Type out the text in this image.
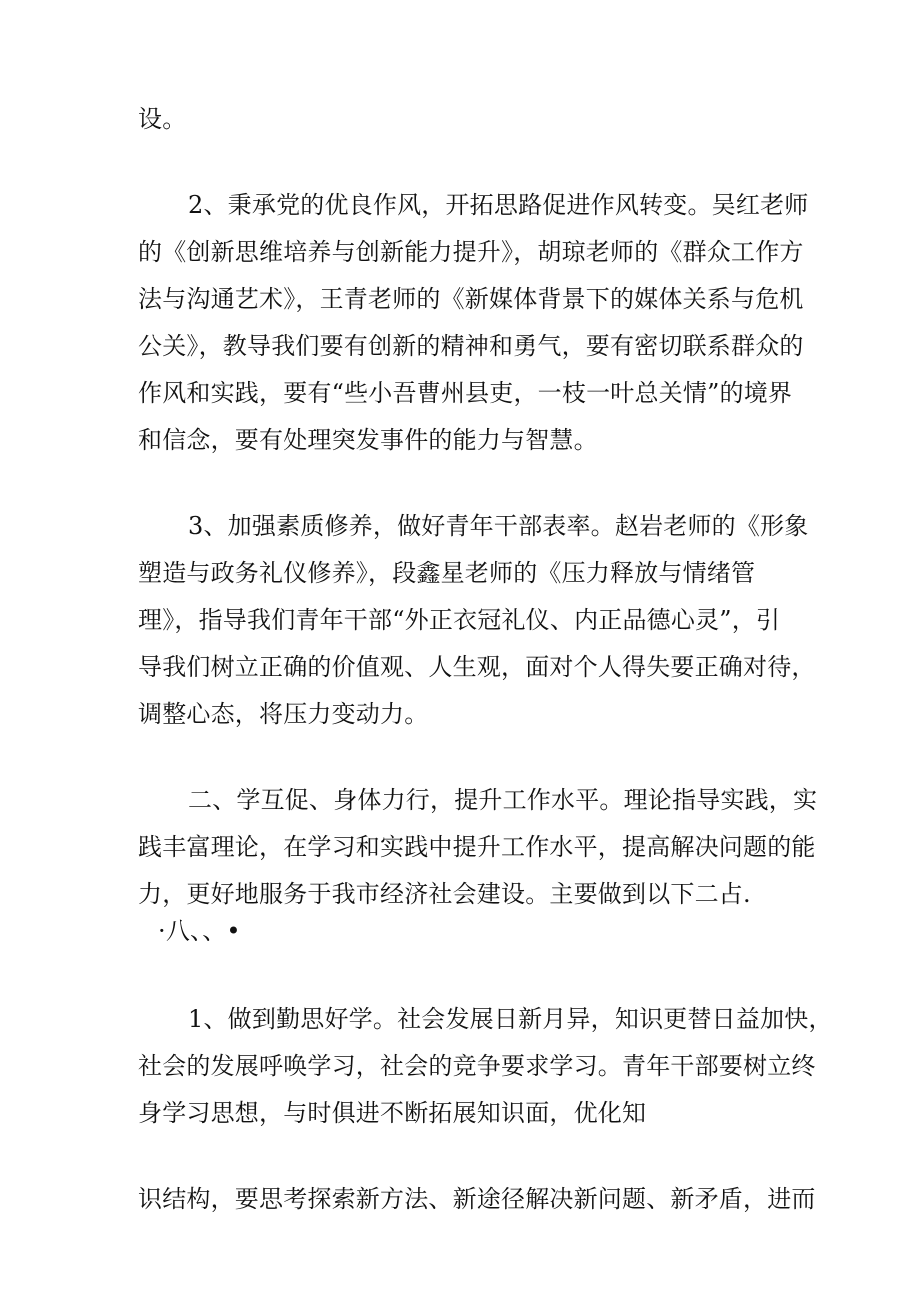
设。
2、秉承党的优良作风，开拓思路促进作风转变。吴红老师
的《创新思维培养与创新能力提升》，胡琼老师的《群众工作方
法与沟通艺术》，王青老师的《新媒体背景下的媒体关系与危机
公关》，教导我们要有创新的精神和勇气，要有密切联系群众的
作风和实践，要有“些小吾曹州县吏，一枝一叶总关情”的境界
和信念，要有处理突发事件的能力与智慧。
3、加强素质修养，做好青年干部表率。赵岩老师的《形象
塑造与政务礼仪修养》，段鑫星老师的《压力释放与情绪管
理》，指导我们青年干部“外正衣冠礼仪、内正品德心灵”，引
导我们树立正确的价值观、人生观，面对个人得失要正确对待，
调整心态，将压力变动力。
二、学互促、身体力行，提升工作水平。理论指导实践，实
践丰富理论，在学习和实践中提升工作水平，提高解决问题的能
力，更好地服务于我市经济社会建设。主要做到以下二占.
·八、、•
1、做到勤思好学。社会发展日新月异，知识更替日益加快，
社会的发展呼唤学习，社会的竞争要求学习。青年干部要树立终
身学习思想，与时俱进不断拓展知识面，优化知
识结构，要思考探索新方法、新途径解决新问题、新矛盾，进而
